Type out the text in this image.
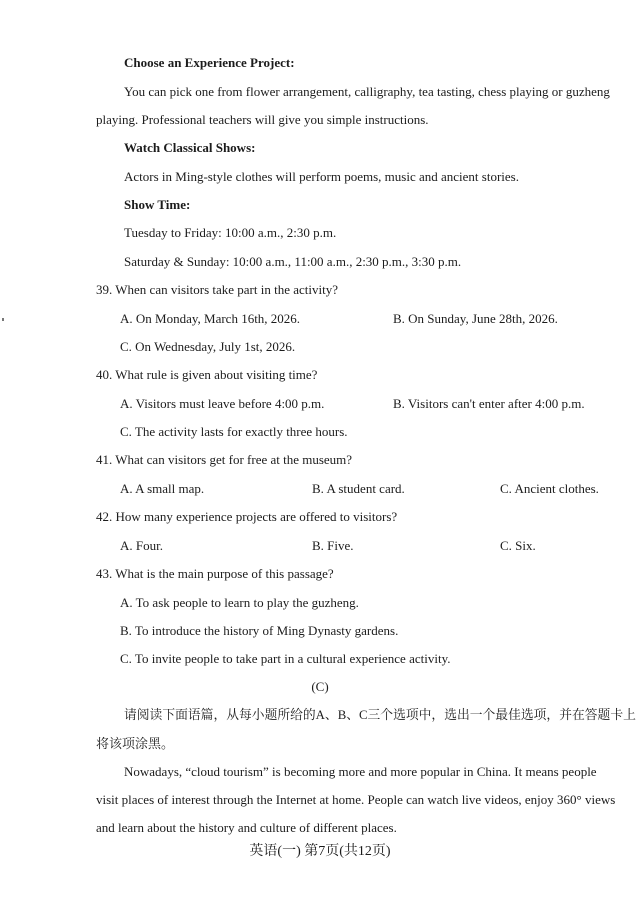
Choose an Experience Project:
You can pick one from flower arrangement, calligraphy, tea tasting, chess playing or guzheng
playing. Professional teachers will give you simple instructions.
Watch Classical Shows:
Actors in Ming-style clothes will perform poems, music and ancient stories.
Show Time:
Tuesday to Friday: 10:00 a.m., 2:30 p.m.
Saturday & Sunday: 10:00 a.m., 11:00 a.m., 2:30 p.m., 3:30 p.m.
39. When can visitors take part in the activity?
A. On Monday, March 16th, 2026.	B. On Sunday, June 28th, 2026.
C. On Wednesday, July 1st, 2026.
40. What rule is given about visiting time?
A. Visitors must leave before 4:00 p.m.	B. Visitors can't enter after 4:00 p.m.
C. The activity lasts for exactly three hours.
41. What can visitors get for free at the museum?
A. A small map.	B. A student card.	C. Ancient clothes.
42. How many experience projects are offered to visitors?
A. Four.	B. Five.	C. Six.
43. What is the main purpose of this passage?
A. To ask people to learn to play the guzheng.
B. To introduce the history of Ming Dynasty gardens.
C. To invite people to take part in a cultural experience activity.
(C)
请阅读下面语篇，从每小题所给的A、B、C三个选项中，选出一个最佳选项，并在答题卡上
将该项涂黑。
Nowadays, “cloud tourism” is becoming more and more popular in China. It means people
visit places of interest through the Internet at home. People can watch live videos, enjoy 360° views
and learn about the history and culture of different places.
英语(一) 第7页(共12页)
